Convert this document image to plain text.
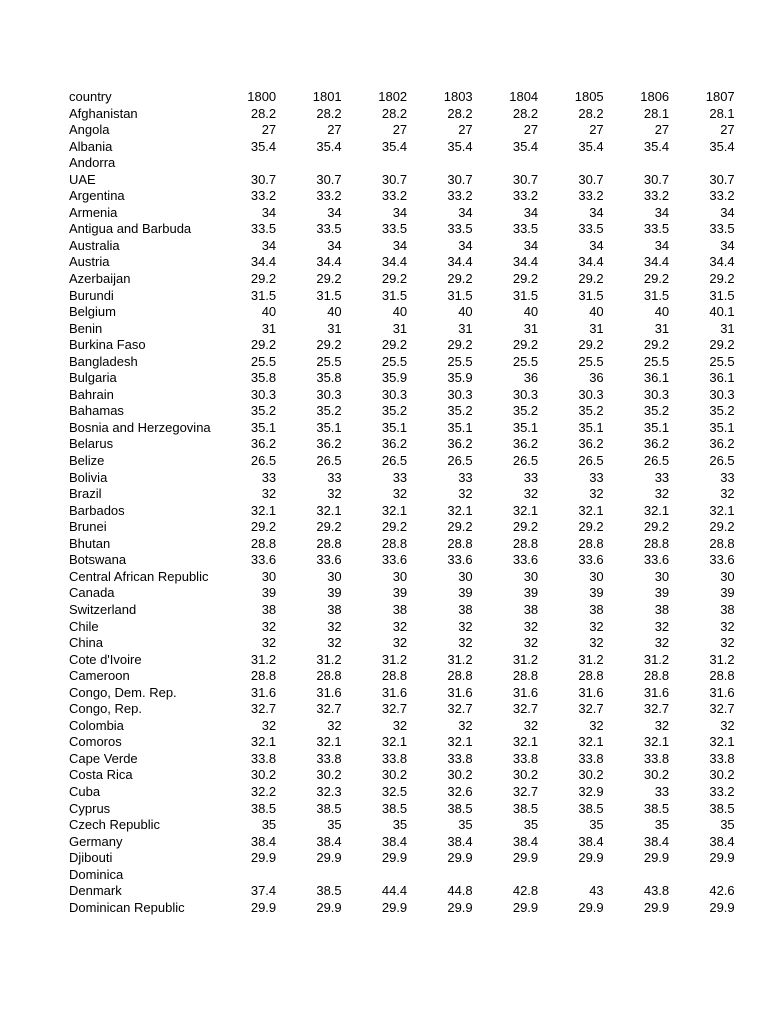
country	1800	1801	1802	1803	1804	1805	1806	1807
Afghanistan	28.2	28.2	28.2	28.2	28.2	28.2	28.1	28.1
Angola	27	27	27	27	27	27	27	27
Albania	35.4	35.4	35.4	35.4	35.4	35.4	35.4	35.4
Andorra								
UAE	30.7	30.7	30.7	30.7	30.7	30.7	30.7	30.7
Argentina	33.2	33.2	33.2	33.2	33.2	33.2	33.2	33.2
Armenia	34	34	34	34	34	34	34	34
Antigua and Barbuda	33.5	33.5	33.5	33.5	33.5	33.5	33.5	33.5
Australia	34	34	34	34	34	34	34	34
Austria	34.4	34.4	34.4	34.4	34.4	34.4	34.4	34.4
Azerbaijan	29.2	29.2	29.2	29.2	29.2	29.2	29.2	29.2
Burundi	31.5	31.5	31.5	31.5	31.5	31.5	31.5	31.5
Belgium	40	40	40	40	40	40	40	40.1
Benin	31	31	31	31	31	31	31	31
Burkina Faso	29.2	29.2	29.2	29.2	29.2	29.2	29.2	29.2
Bangladesh	25.5	25.5	25.5	25.5	25.5	25.5	25.5	25.5
Bulgaria	35.8	35.8	35.9	35.9	36	36	36.1	36.1
Bahrain	30.3	30.3	30.3	30.3	30.3	30.3	30.3	30.3
Bahamas	35.2	35.2	35.2	35.2	35.2	35.2	35.2	35.2
Bosnia and Herzegovina	35.1	35.1	35.1	35.1	35.1	35.1	35.1	35.1
Belarus	36.2	36.2	36.2	36.2	36.2	36.2	36.2	36.2
Belize	26.5	26.5	26.5	26.5	26.5	26.5	26.5	26.5
Bolivia	33	33	33	33	33	33	33	33
Brazil	32	32	32	32	32	32	32	32
Barbados	32.1	32.1	32.1	32.1	32.1	32.1	32.1	32.1
Brunei	29.2	29.2	29.2	29.2	29.2	29.2	29.2	29.2
Bhutan	28.8	28.8	28.8	28.8	28.8	28.8	28.8	28.8
Botswana	33.6	33.6	33.6	33.6	33.6	33.6	33.6	33.6
Central African Republic	30	30	30	30	30	30	30	30
Canada	39	39	39	39	39	39	39	39
Switzerland	38	38	38	38	38	38	38	38
Chile	32	32	32	32	32	32	32	32
China	32	32	32	32	32	32	32	32
Cote d'Ivoire	31.2	31.2	31.2	31.2	31.2	31.2	31.2	31.2
Cameroon	28.8	28.8	28.8	28.8	28.8	28.8	28.8	28.8
Congo, Dem. Rep.	31.6	31.6	31.6	31.6	31.6	31.6	31.6	31.6
Congo, Rep.	32.7	32.7	32.7	32.7	32.7	32.7	32.7	32.7
Colombia	32	32	32	32	32	32	32	32
Comoros	32.1	32.1	32.1	32.1	32.1	32.1	32.1	32.1
Cape Verde	33.8	33.8	33.8	33.8	33.8	33.8	33.8	33.8
Costa Rica	30.2	30.2	30.2	30.2	30.2	30.2	30.2	30.2
Cuba	32.2	32.3	32.5	32.6	32.7	32.9	33	33.2
Cyprus	38.5	38.5	38.5	38.5	38.5	38.5	38.5	38.5
Czech Republic	35	35	35	35	35	35	35	35
Germany	38.4	38.4	38.4	38.4	38.4	38.4	38.4	38.4
Djibouti	29.9	29.9	29.9	29.9	29.9	29.9	29.9	29.9
Dominica								
Denmark	37.4	38.5	44.4	44.8	42.8	43	43.8	42.6
Dominican Republic	29.9	29.9	29.9	29.9	29.9	29.9	29.9	29.9
